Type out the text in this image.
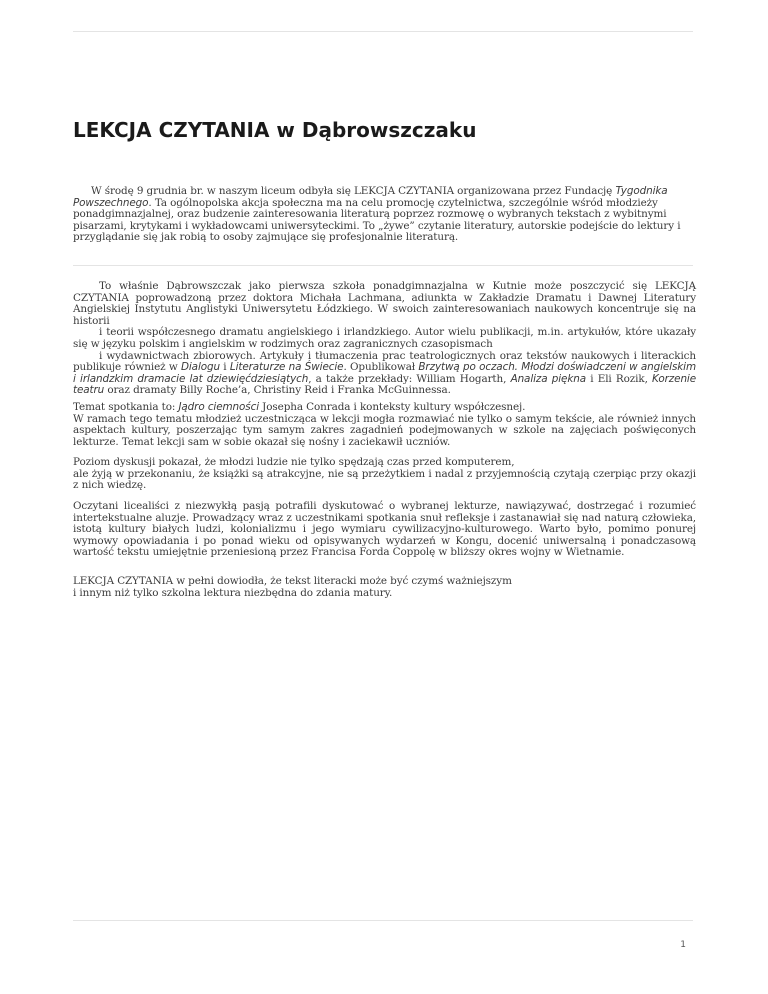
LEKCJA CZYTANIA w Dąbrowszczaku

W środę 9 grudnia br. w naszym liceum odbyła się LEKCJA CZYTANIA organizowana przez Fundację Tygodnika Powszechnego. Ta ogólnopolska akcja społeczna ma na celu promocję czytelnictwa, szczególnie wśród młodzieży ponadgimnazjalnej, oraz budzenie zainteresowania literaturą poprzez rozmowę o wybranych tekstach z wybitnymi pisarzami, krytykami i wykładowcami uniwersyteckimi. To „żywe” czytanie literatury, autorskie podejście do lektury i przyglądanie się jak robią to osoby zajmujące się profesjonalnie literaturą.

To właśnie Dąbrowszczak jako pierwsza szkoła ponadgimnazjalna w Kutnie może poszczycić się LEKCJĄ CZYTANIA poprowadzoną przez doktora Michała Lachmana, adiunkta w Zakładzie Dramatu i Dawnej Literatury Angielskiej Instytutu Anglistyki Uniwersytetu Łódzkiego. W swoich zainteresowaniach naukowych koncentruje się na historii
i teorii współczesnego dramatu angielskiego i irlandzkiego. Autor wielu publikacji, m.in. artykułów, które ukazały się w języku polskim i angielskim w rodzimych oraz zagranicznych czasopismach
i wydawnictwach zbiorowych. Artykuły i tłumaczenia prac teatrologicznych oraz tekstów naukowych i literackich publikuje również w Dialogu i Literaturze na Świecie. Opublikował Brzytwą po oczach. Młodzi doświadczeni w angielskim i irlandzkim dramacie lat dziewięćdziesiątych, a także przekłady: William Hogarth, Analiza piękna i Eli Rozik, Korzenie teatru oraz dramaty Billy Roche’a, Christiny Reid i Franka McGuinnessa.
Temat spotkania to: Jądro ciemności Josepha Conrada i konteksty kultury współczesnej.
W ramach tego tematu młodzież uczestnicząca w lekcji mogła rozmawiać nie tylko o samym tekście, ale również innych aspektach kultury, poszerzając tym samym zakres zagadnień podejmowanych w szkole na zajęciach poświęconych lekturze. Temat lekcji sam w sobie okazał się nośny i zaciekawił uczniów.
Poziom dyskusji pokazał, że młodzi ludzie nie tylko spędzają czas przed komputerem,
ale żyją w przekonaniu, że książki są atrakcyjne, nie są przeżytkiem i nadal z przyjemnością czytają czerpiąc przy okazji z nich wiedzę.

Oczytani licealiści z niezwykłą pasją potrafili dyskutować o wybranej lekturze, nawiązywać, dostrzegać i rozumieć intertekstualne aluzje. Prowadzący wraz z uczestnikami spotkania snuł refleksje i zastanawiał się nad naturą człowieka, istotą kultury białych ludzi, kolonializmu i jego wymiaru cywilizacyjno-kulturowego. Warto było, pomimo ponurej wymowy opowiadania i po ponad wieku od opisywanych wydarzeń w Kongu, docenić uniwersalną i ponadczasową wartość tekstu umiejętnie przeniesioną przez Francisa Forda Coppolę w bliższy okres wojny w Wietnamie.

LEKCJA CZYTANIA w pełni dowiodła, że tekst literacki może być czymś ważniejszym
i innym niż tylko szkolna lektura niezbędna do zdania matury.
1
